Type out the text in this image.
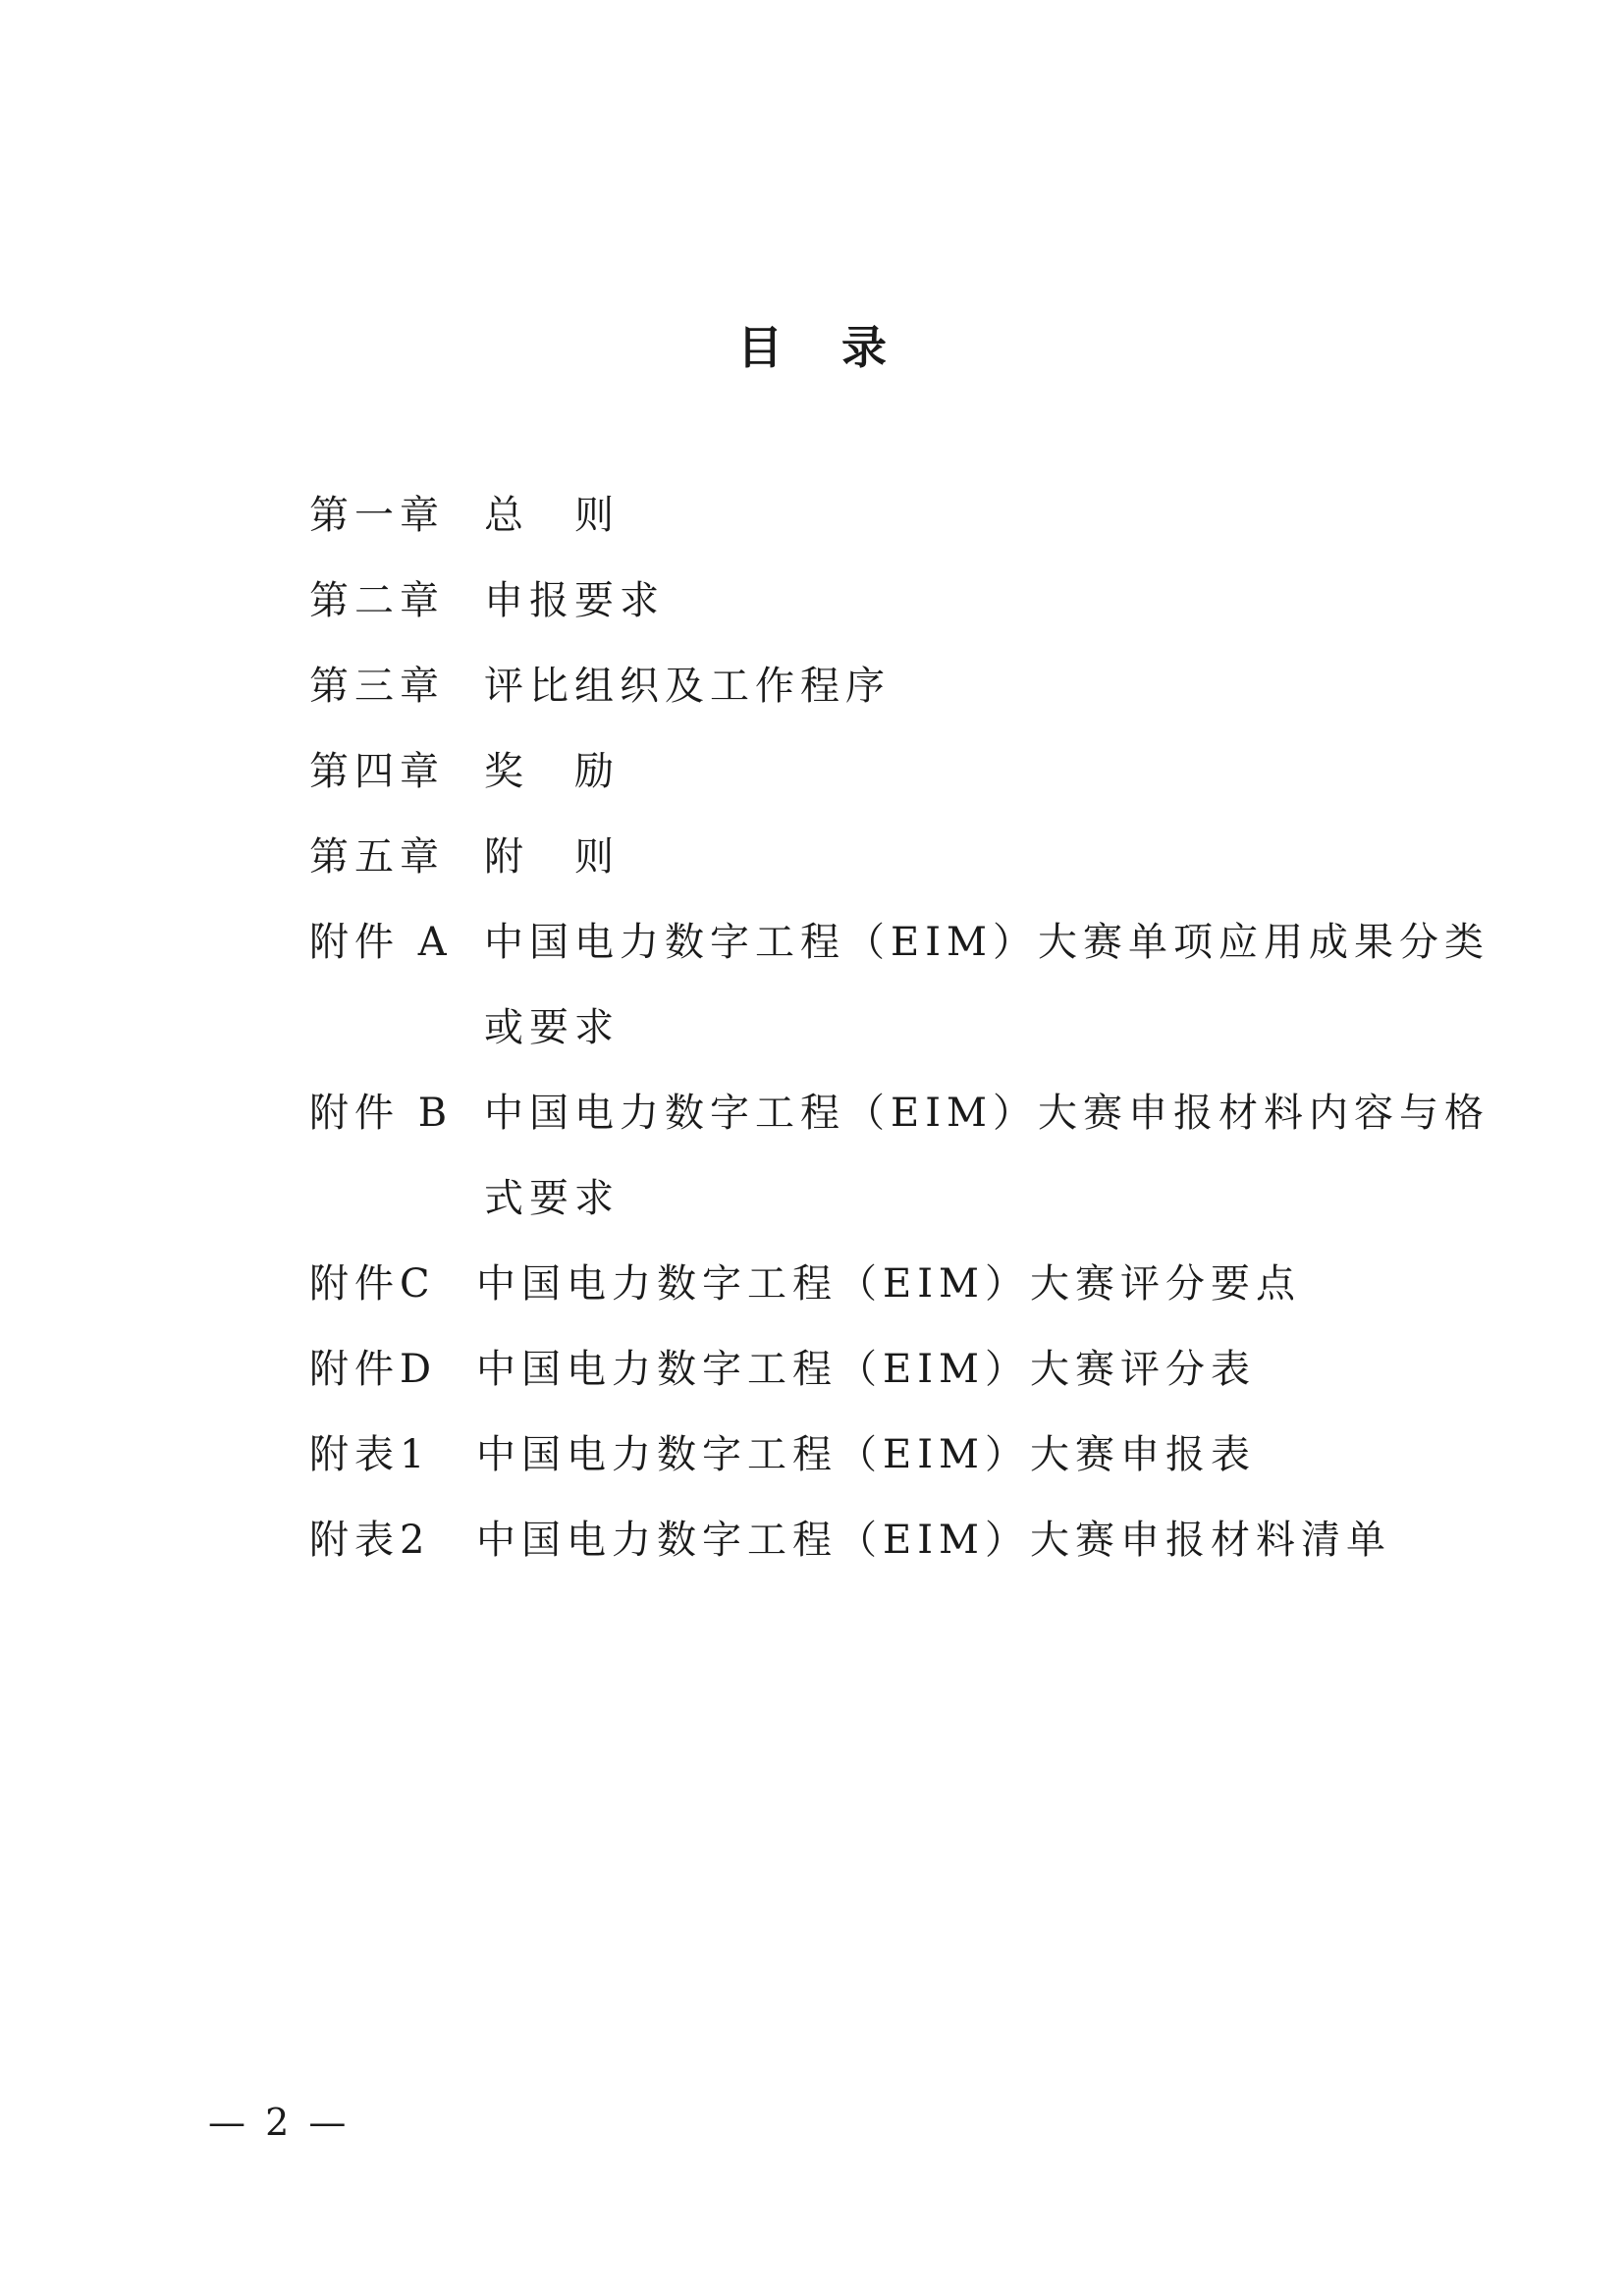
目 录
第一章 总　则
第二章 申报要求
第三章 评比组织及工作程序
第四章 奖　励
第五章 附　则
附件 A 中国电力数字工程（EIM）大赛单项应用成果分类
或要求
附件 B 中国电力数字工程（EIM）大赛申报材料内容与格
式要求
附件C 中国电力数字工程（EIM）大赛评分要点
附件D 中国电力数字工程（EIM）大赛评分表
附表1 中国电力数字工程（EIM）大赛申报表
附表2 中国电力数字工程（EIM）大赛申报材料清单
— 2 —
